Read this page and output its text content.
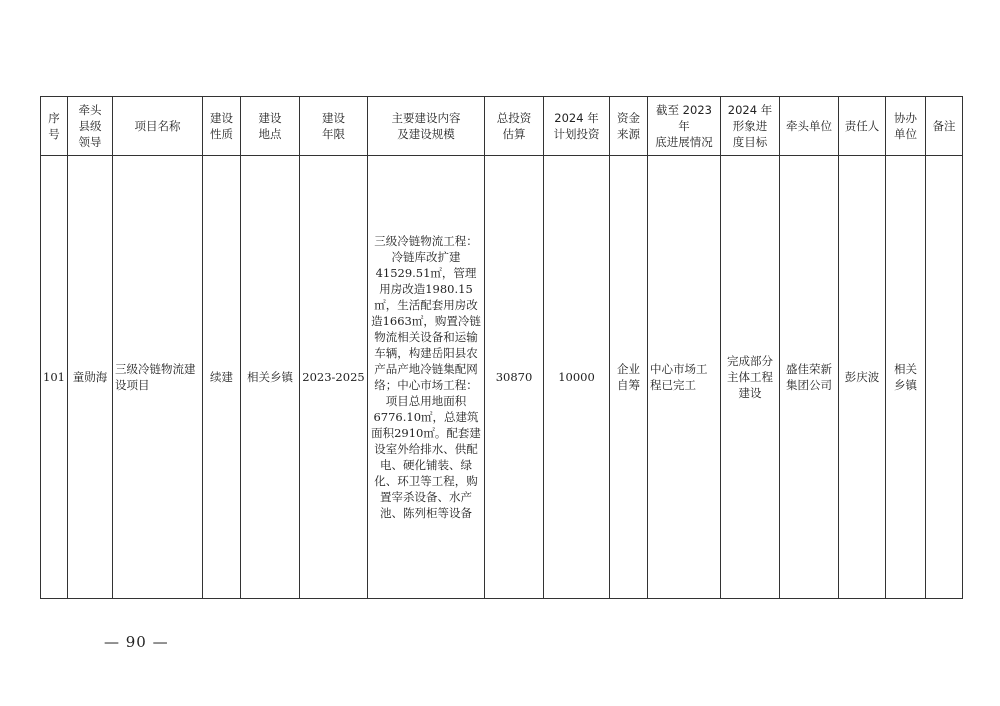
序
号	牵头
县级
领导	项目名称	建设
性质	建设
地点	建设
年限	主要建设内容
及建设规模	总投资
估算	2024 年
计划投资	资金
来源	截至 2023 年
底进展情况	2024 年
形象进
度目标	牵头单位	责任人	协办
单位	备注

101	童勋海	三级冷链物流建
设项目	续建	相关乡镇	2023-2025	三级冷链物流工程：冷链库改扩建41529.51㎡，管理用房改造1980.15㎡，生活配套用房改造1663㎡，购置冷链物流相关设备和运输车辆，构建岳阳县农产品产地冷链集配网络；中心市场工程：项目总用地面积6776.10㎡，总建筑面积2910㎡。配套建设室外给排水、供配电、硬化铺装、绿化、环卫等工程，购置宰杀设备、水产池、陈列柜等设备	30870	10000	企业
自筹	中心市场工
程已完工	完成部分
主体工程
建设	盛佳荣新
集团公司	彭庆波	相关
乡镇	

— 90 —
